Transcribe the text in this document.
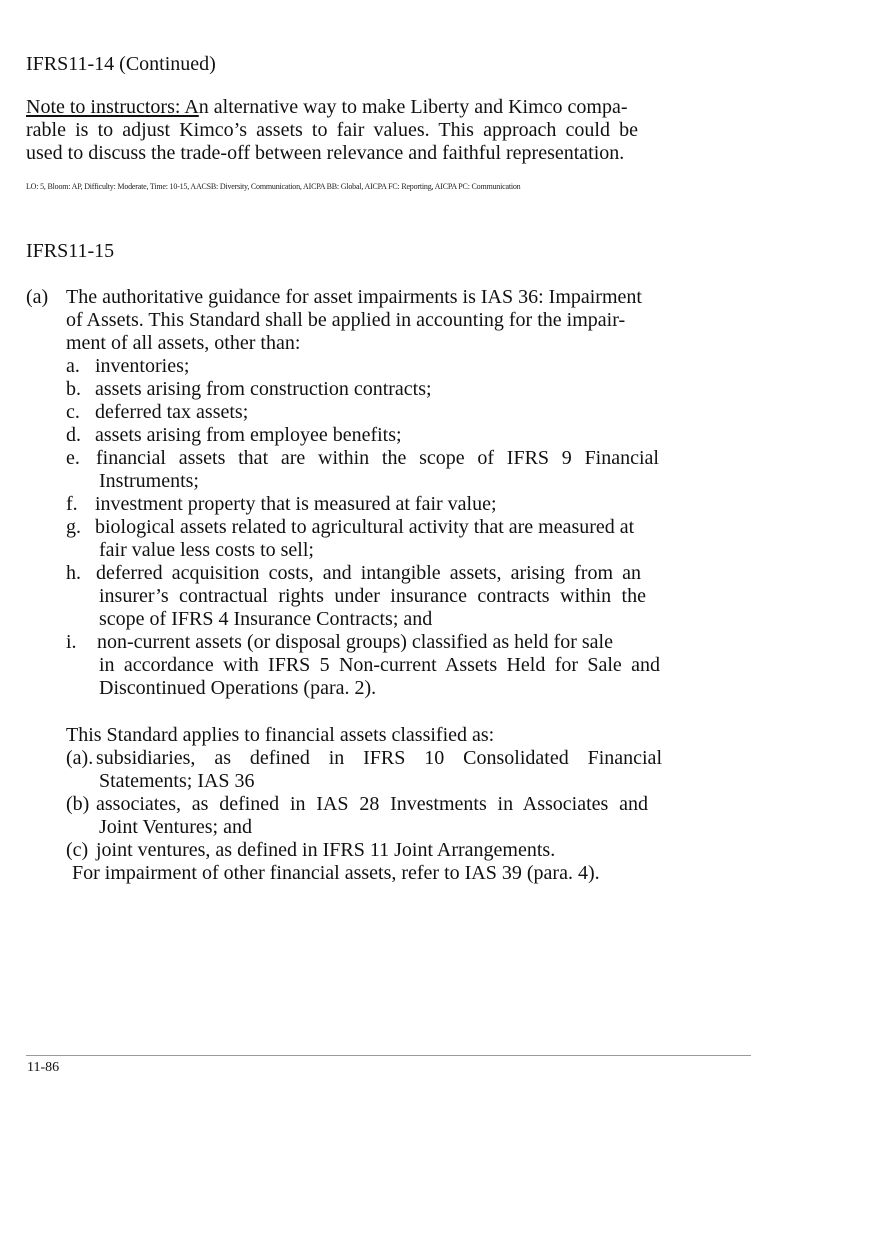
IFRS11-14 (Continued)
Note to instructors: An alternative way to make Liberty and Kimco compa-
rable is to adjust Kimco’s assets to fair values. This approach could be
used to discuss the trade-off between relevance and faithful representation.
LO: 5, Bloom: AP, Difficulty: Moderate, Time: 10-15, AACSB: Diversity, Communication, AICPA BB: Global, AICPA FC: Reporting, AICPA PC: Communication
IFRS11-15
(a) The authoritative guidance for asset impairments is IAS 36: Impairment
of Assets. This Standard shall be applied in accounting for the impair-
ment of all assets, other than:
a. inventories;
b. assets arising from construction contracts;
c. deferred tax assets;
d. assets arising from employee benefits;
e. financial assets that are within the scope of IFRS 9 Financial
Instruments;
f. investment property that is measured at fair value;
g. biological assets related to agricultural activity that are measured at
fair value less costs to sell;
h. deferred acquisition costs, and intangible assets, arising from an
insurer’s contractual rights under insurance contracts within the
scope of IFRS 4 Insurance Contracts; and
i. non-current assets (or disposal groups) classified as held for sale
in accordance with IFRS 5 Non-current Assets Held for Sale and
Discontinued Operations (para. 2).
This Standard applies to financial assets classified as:
(a). subsidiaries, as defined in IFRS 10 Consolidated Financial
Statements; IAS 36
(b) associates, as defined in IAS 28 Investments in Associates and
Joint Ventures; and
(c) joint ventures, as defined in IFRS 11 Joint Arrangements.
For impairment of other financial assets, refer to IAS 39 (para. 4).
11-86
